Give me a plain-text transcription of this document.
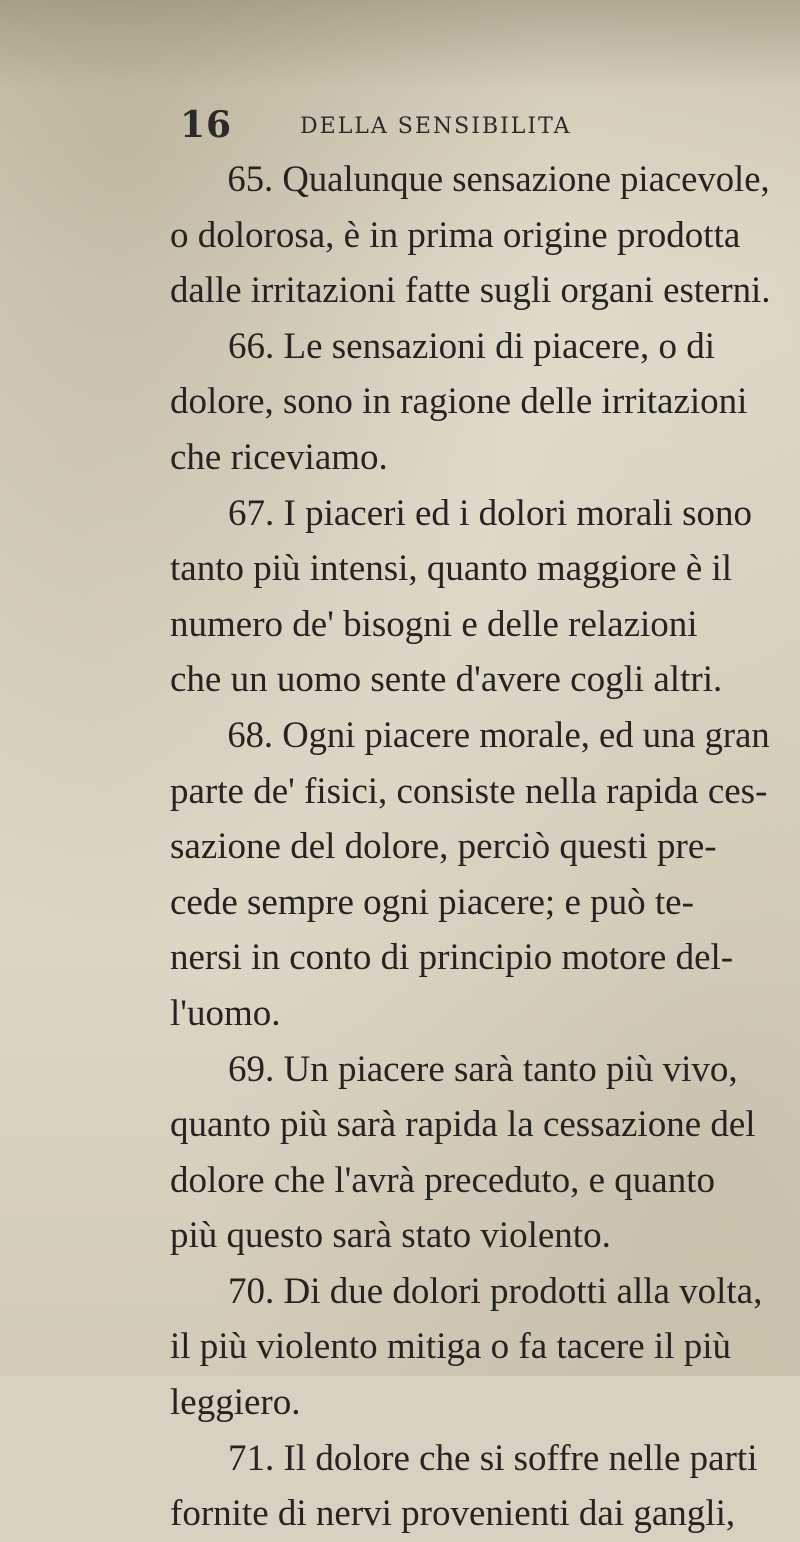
16	DELLA SENSIBILITA
65. Qualunque sensazione piacevole,
o dolorosa, è in prima origine prodotta
dalle irritazioni fatte sugli organi esterni.
66. Le sensazioni di piacere, o di
dolore, sono in ragione delle irritazioni
che riceviamo.
67. I piaceri ed i dolori morali sono
tanto più intensi, quanto maggiore è il
numero de' bisogni e delle relazioni
che un uomo sente d'avere cogli altri.
68. Ogni piacere morale, ed una gran
parte de' fisici, consiste nella rapida ces-
sazione del dolore, perciò questi pre-
cede sempre ogni piacere; e può te-
nersi in conto di principio motore del-
l'uomo.
69. Un piacere sarà tanto più vivo,
quanto più sarà rapida la cessazione del
dolore che l'avrà preceduto, e quanto
più questo sarà stato violento.
70. Di due dolori prodotti alla volta,
il più violento mitiga o fa tacere il più
leggiero.
71. Il dolore che si soffre nelle parti
fornite di nervi provenienti dai gangli,
